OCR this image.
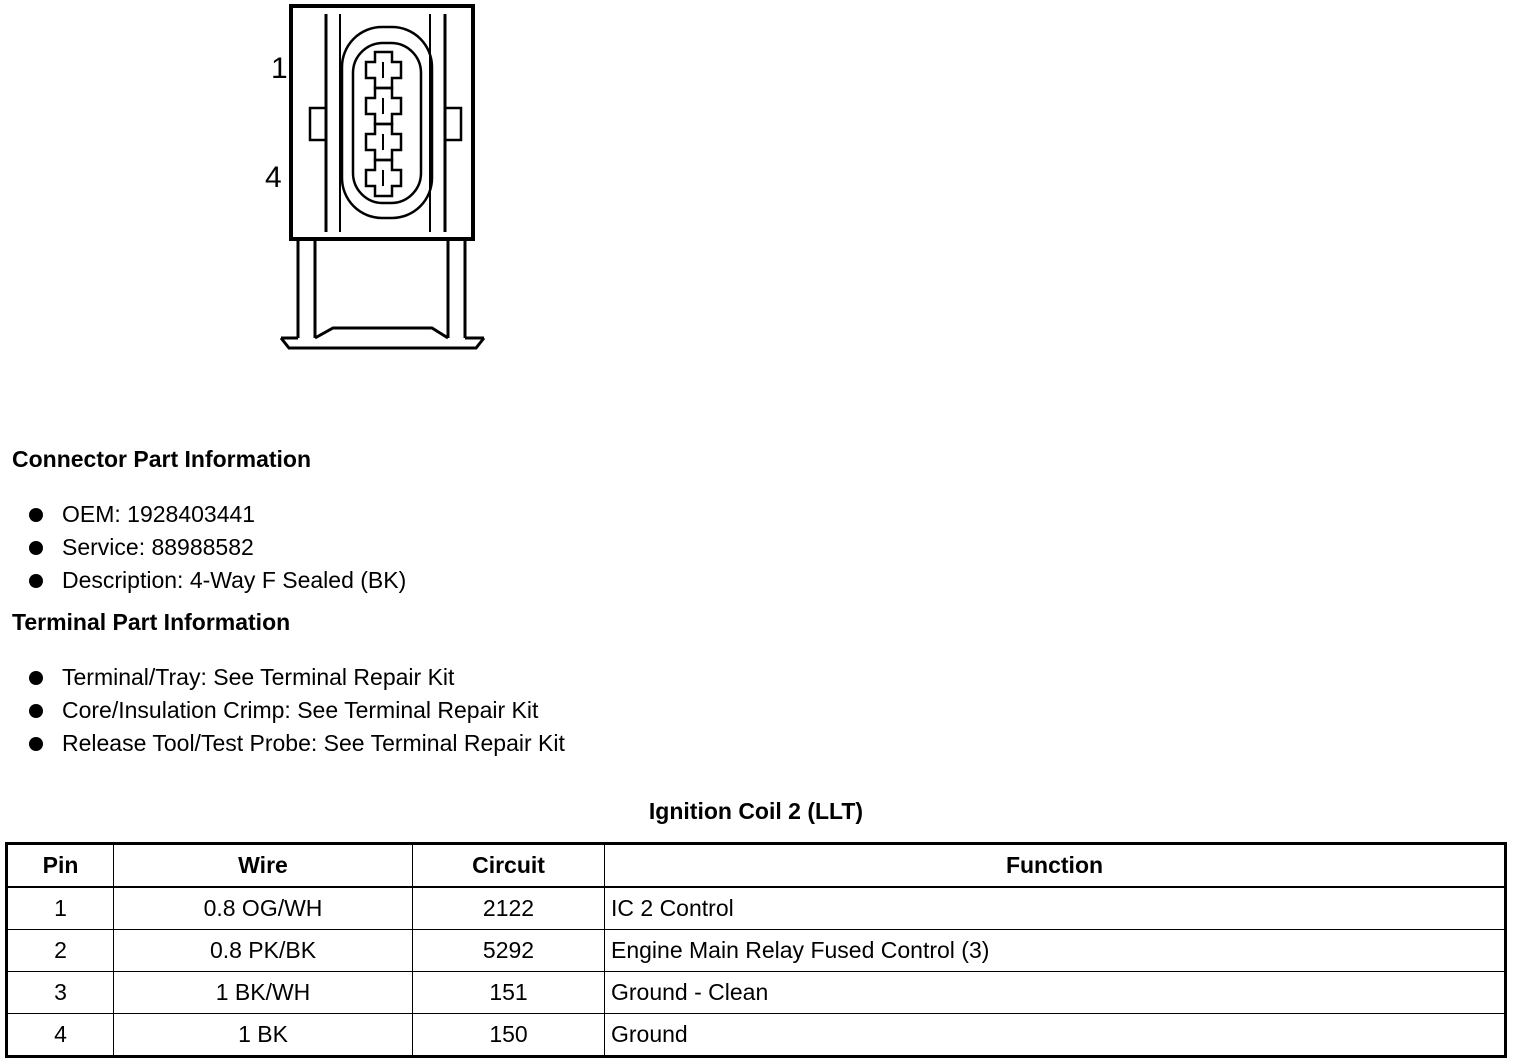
1
4
Connector Part Information
OEM: 1928403441
Service: 88988582
Description: 4-Way F Sealed (BK)
Terminal Part Information
Terminal/Tray: See Terminal Repair Kit
Core/Insulation Crimp: See Terminal Repair Kit
Release Tool/Test Probe: See Terminal Repair Kit
Ignition Coil 2 (LLT)
Pin	Wire	Circuit	Function
1	0.8 OG/WH	2122	IC 2 Control
2	0.8 PK/BK	5292	Engine Main Relay Fused Control (3)
3	1 BK/WH	151	Ground - Clean
4	1 BK	150	Ground
